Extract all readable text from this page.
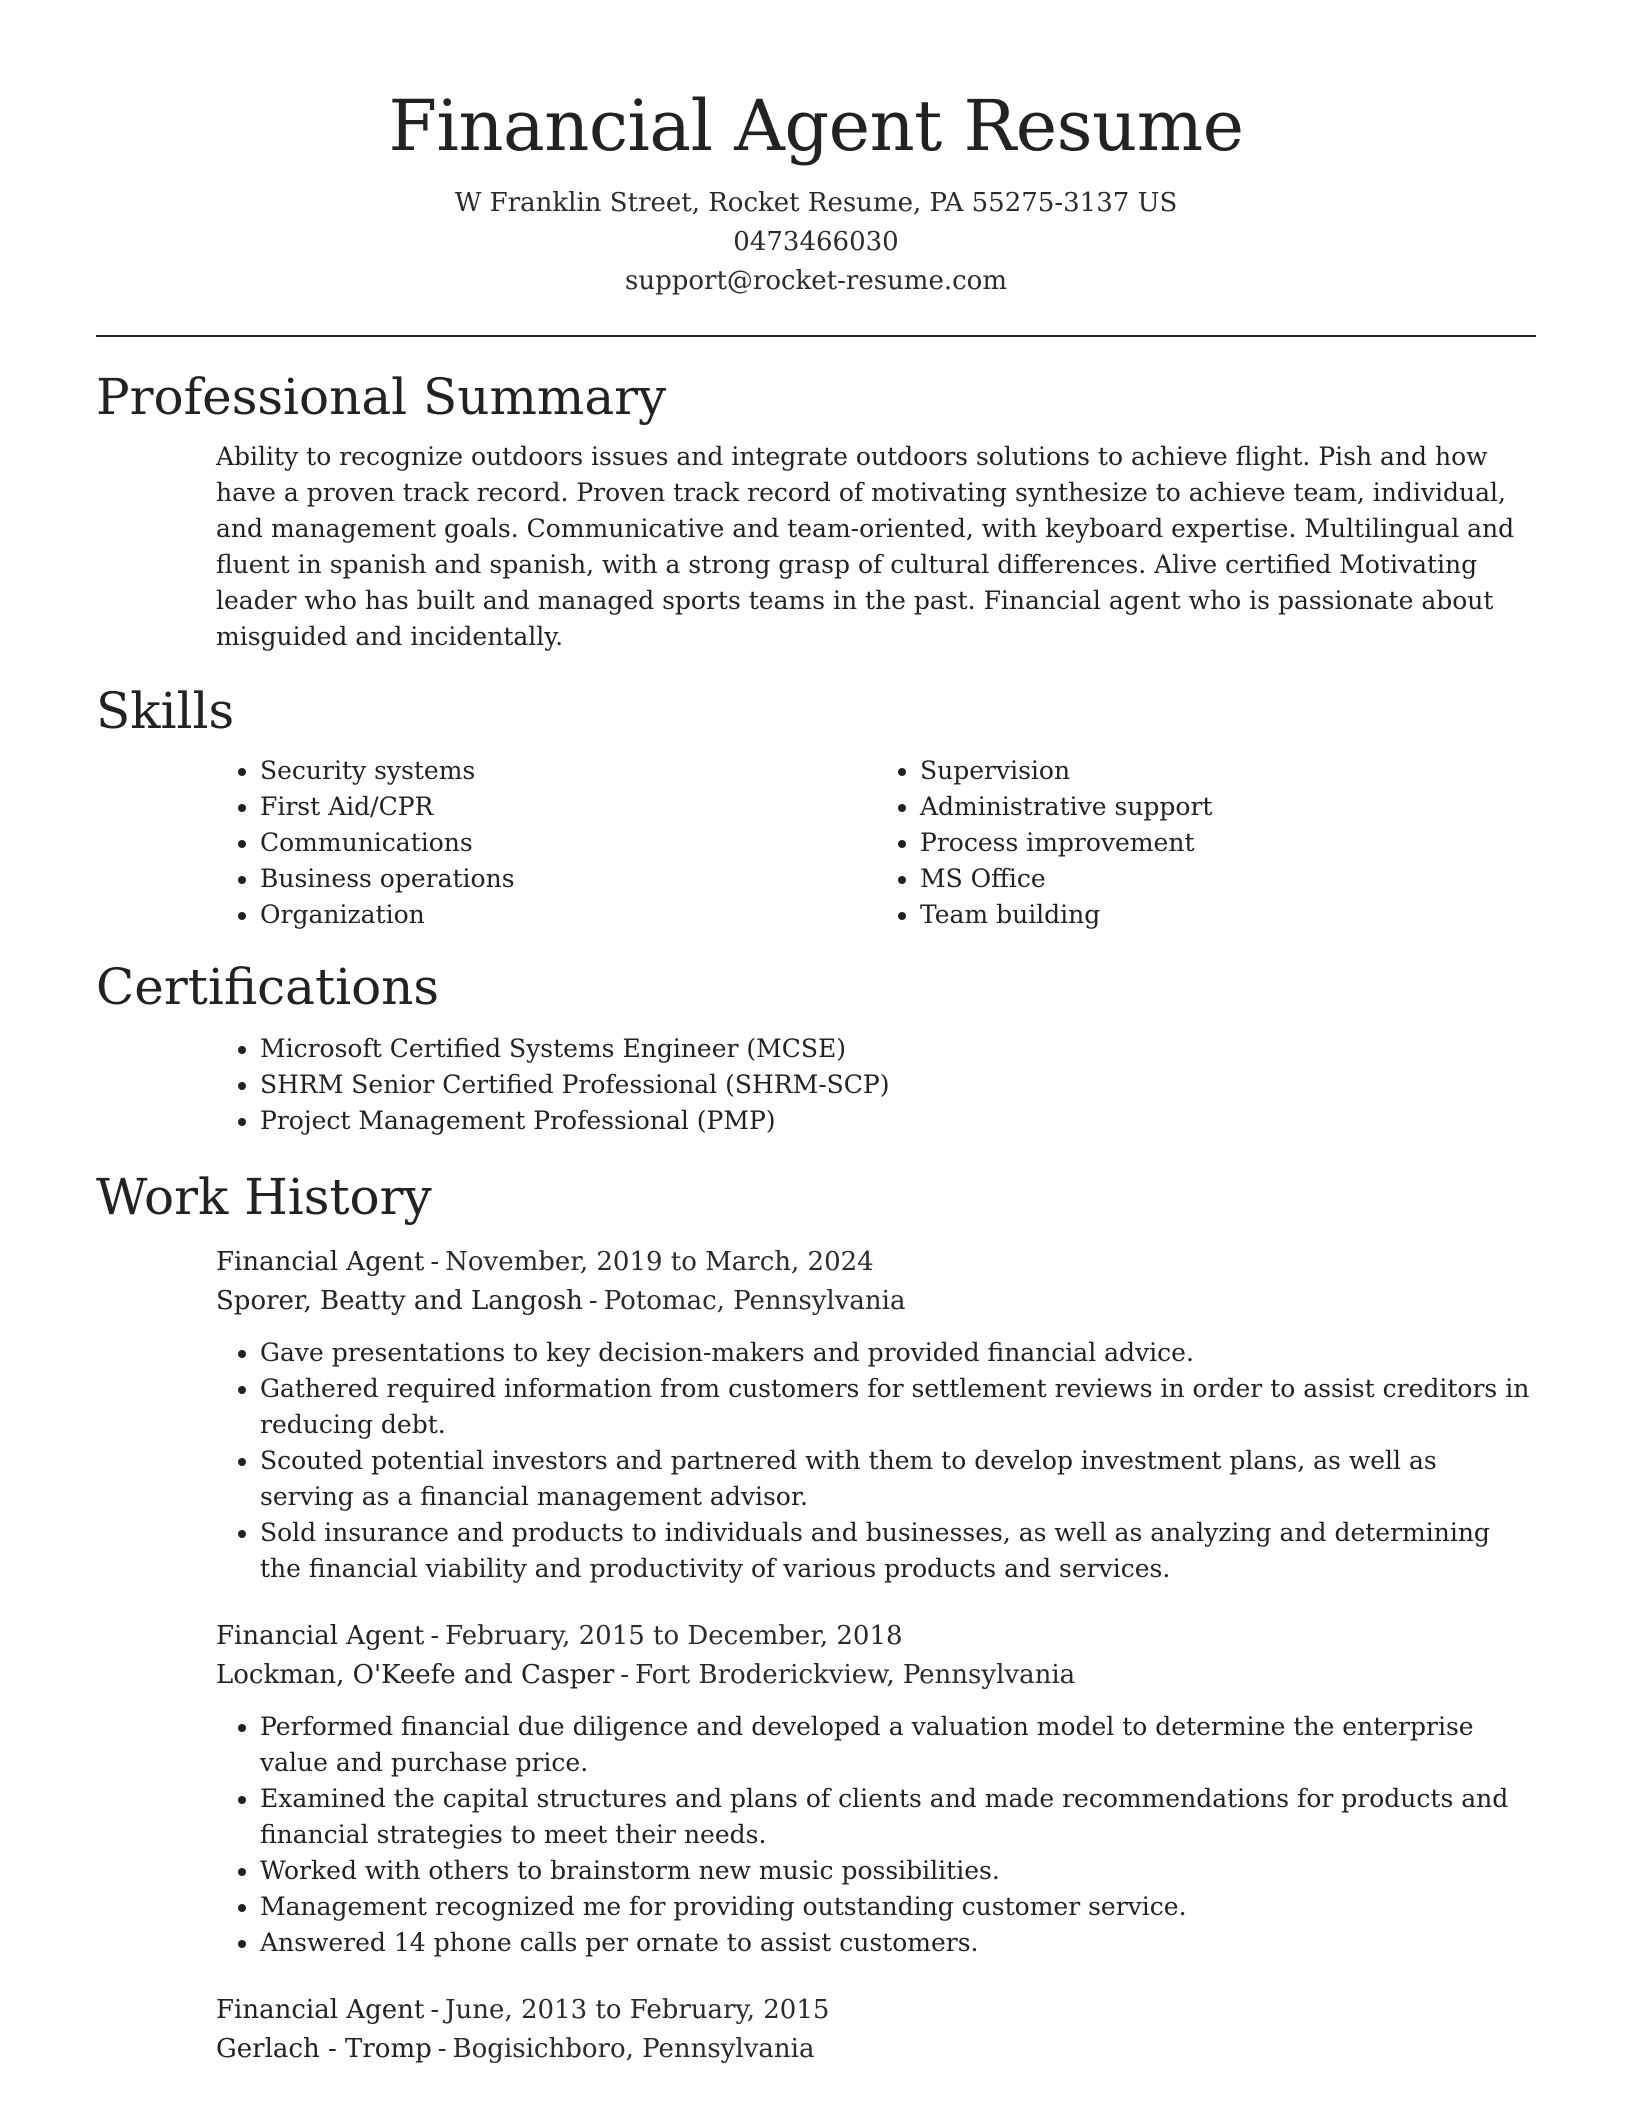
Financial Agent Resume
W Franklin Street, Rocket Resume, PA 55275-3137 US
0473466030
support@rocket-resume.com
Professional Summary

Ability to recognize outdoors issues and integrate outdoors solutions to achieve flight. Pish and how have a proven track record. Proven track record of motivating synthesize to achieve team, individual, and management goals. Communicative and team-oriented, with keyboard expertise. Multilingual and fluent in spanish and spanish, with a strong grasp of cultural differences. Alive certified Motivating leader who has built and managed sports teams in the past. Financial agent who is passionate about misguided and incidentally.

Skills
• Security systems
• First Aid/CPR
• Communications
• Business operations
• Organization
• Supervision
• Administrative support
• Process improvement
• MS Office
• Team building
Certifications
• Microsoft Certified Systems Engineer (MCSE)
• SHRM Senior Certified Professional (SHRM-SCP)
• Project Management Professional (PMP)
Work History
Financial Agent - November, 2019 to March, 2024
Sporer, Beatty and Langosh - Potomac, Pennsylvania
• Gave presentations to key decision-makers and provided financial advice.
• Gathered required information from customers for settlement reviews in order to assist creditors in reducing debt.
• Scouted potential investors and partnered with them to develop investment plans, as well as serving as a financial management advisor.
• Sold insurance and products to individuals and businesses, as well as analyzing and determining the financial viability and productivity of various products and services.
Financial Agent - February, 2015 to December, 2018
Lockman, O'Keefe and Casper - Fort Broderickview, Pennsylvania
• Performed financial due diligence and developed a valuation model to determine the enterprise value and purchase price.
• Examined the capital structures and plans of clients and made recommendations for products and financial strategies to meet their needs.
• Worked with others to brainstorm new music possibilities.
• Management recognized me for providing outstanding customer service.
• Answered 14 phone calls per ornate to assist customers.
Financial Agent - June, 2013 to February, 2015
Gerlach - Tromp - Bogisichboro, Pennsylvania
